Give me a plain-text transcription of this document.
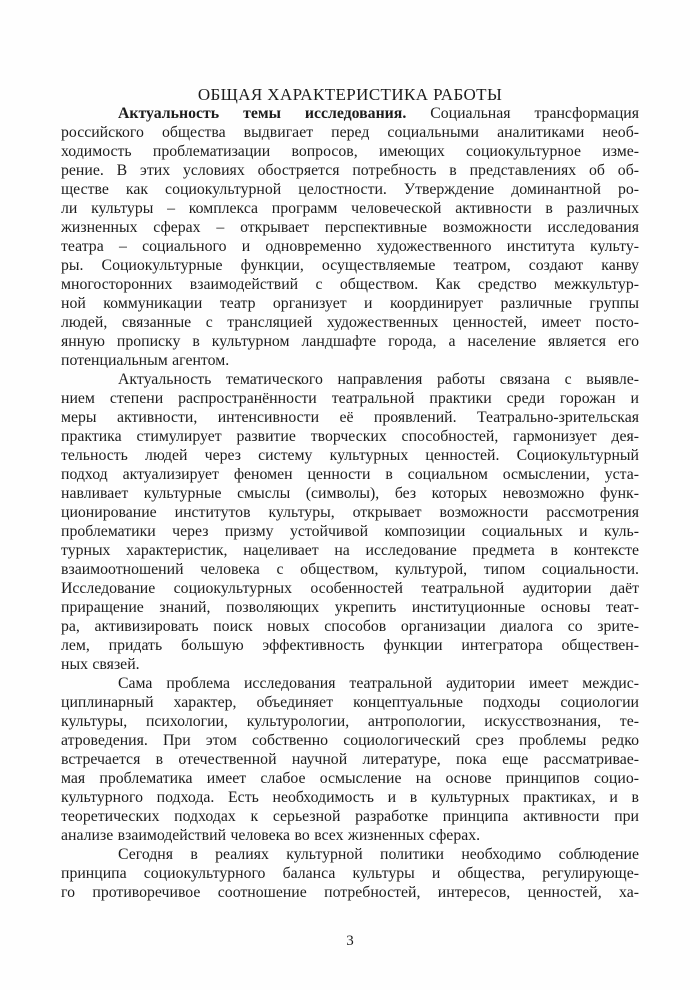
ОБЩАЯ ХАРАКТЕРИСТИКА РАБОТЫ
Актуальность темы исследования. Социальная трансформация
российского общества выдвигает перед социальными аналитиками необ-
ходимость проблематизации вопросов, имеющих социокультурное изме-
рение. В этих условиях обостряется потребность в представлениях об об-
ществе как социокультурной целостности. Утверждение доминантной ро-
ли культуры – комплекса программ человеческой активности в различных
жизненных сферах – открывает перспективные возможности исследования
театра – социального и одновременно художественного института культу-
ры. Социокультурные функции, осуществляемые театром, создают канву
многосторонних взаимодействий с обществом. Как средство межкультур-
ной коммуникации театр организует и координирует различные группы
людей, связанные с трансляцией художественных ценностей, имеет посто-
янную прописку в культурном ландшафте города, а население является его
потенциальным агентом.
Актуальность тематического направления работы связана с выявле-
нием степени распространённости театральной практики среди горожан и
меры активности, интенсивности её проявлений. Театрально-зрительская
практика стимулирует развитие творческих способностей, гармонизует дея-
тельность людей через систему культурных ценностей. Социокультурный
подход актуализирует феномен ценности в социальном осмыслении, уста-
навливает культурные смыслы (символы), без которых невозможно функ-
ционирование институтов культуры, открывает возможности рассмотрения
проблематики через призму устойчивой композиции социальных и куль-
турных характеристик, нацеливает на исследование предмета в контексте
взаимоотношений человека с обществом, культурой, типом социальности.
Исследование социокультурных особенностей театральной аудитории даёт
приращение знаний, позволяющих укрепить институционные основы теат-
ра, активизировать поиск новых способов организации диалога со зрите-
лем, придать большую эффективность функции интегратора обществен-
ных связей.
Сама проблема исследования театральной аудитории имеет междис-
циплинарный характер, объединяет концептуальные подходы социологии
культуры, психологии, культурологии, антропологии, искусствознания, те-
атроведения. При этом собственно социологический срез проблемы редко
встречается в отечественной научной литературе, пока еще рассматривае-
мая проблематика имеет слабое осмысление на основе принципов социо-
культурного подхода. Есть необходимость и в культурных практиках, и в
теоретических подходах к серьезной разработке принципа активности при
анализе взаимодействий человека во всех жизненных сферах.
Сегодня в реалиях культурной политики необходимо соблюдение
принципа социокультурного баланса культуры и общества, регулирующе-
го противоречивое соотношение потребностей, интересов, ценностей, ха-
3
